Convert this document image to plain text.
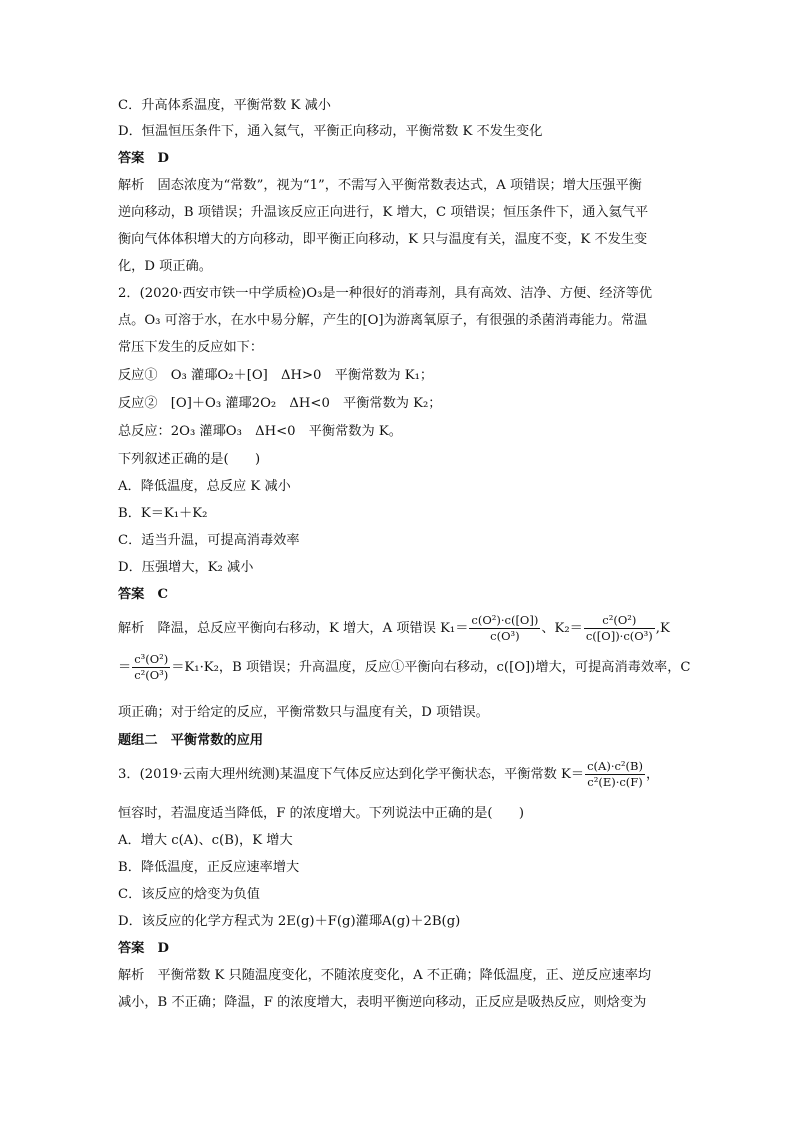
C．升高体系温度，平衡常数 K 减小
D．恒温恒压条件下，通入氦气，平衡正向移动，平衡常数 K 不发生变化
答案　D
解析　固态浓度为“常数”，视为“1”，不需写入平衡常数表达式，A 项错误；增大压强平衡
逆向移动，B 项错误；升温该反应正向进行，K 增大，C 项错误；恒压条件下，通入氦气平
衡向气体体积增大的方向移动，即平衡正向移动，K 只与温度有关，温度不变，K 不发生变
化，D 项正确。
2．(2020·西安市铁一中学质检)O₃是一种很好的消毒剂，具有高效、洁净、方便、经济等优
点。O₃ 可溶于水，在水中易分解，产生的[O]为游离氧原子，有很强的杀菌消毒能力。常温
常压下发生的反应如下：
反应①　O₃ 灌瑘O₂＋[O]　ΔH>0　平衡常数为 K₁；
反应②　[O]＋O₃ 灌瑘2O₂　ΔH<0　平衡常数为 K₂；
总反应：2O₃ 灌瑘O₃　ΔH<0　平衡常数为 K。
下列叙述正确的是(　　)
A．降低温度，总反应 K 减小
B．K＝K₁＋K₂
C．适当升温，可提高消毒效率
D．压强增大，K₂ 减小
答案　C
解析　降温，总反应平衡向右移动，K 增大，A 项错误 $K_1= \frac{\text{c(O²)·c([O])}}{\text{c(O³)}}$ 、$K_2= \frac{\text{c²(O²)}}{\text{c([O])·c(O³)}} ,K$
＝ $\frac{\text{c³(O²)}}{\text{c²(O³)}} =K_1\cdot K_2$，B 项错误；升高温度，反应①平衡向右移动，c([O])增大，可提高消毒效率，C
项正确；对于给定的反应，平衡常数只与温度有关，D 项错误。
题组二　平衡常数的应用
3．(2019·云南大理州统测)某温度下气体反应达到化学平衡状态，平衡常数 $K= \frac{\text{c(A)·c²(B)}}{\text{c²(E)·c(F)}}$ ，
恒容时，若温度适当降低，F 的浓度增大。下列说法中正确的是(　　)
A．增大 c(A)、c(B)，K 增大
B．降低温度，正反应速率增大
C．该反应的焓变为负值
D．该反应的化学方程式为 2E(g)＋F(g)灌瑘A(g)＋2B(g)
答案　D
解析　平衡常数 K 只随温度变化，不随浓度变化，A 不正确；降低温度，正、逆反应速率均
减小，B 不正确；降温，F 的浓度增大，表明平衡逆向移动，正反应是吸热反应，则焓变为
